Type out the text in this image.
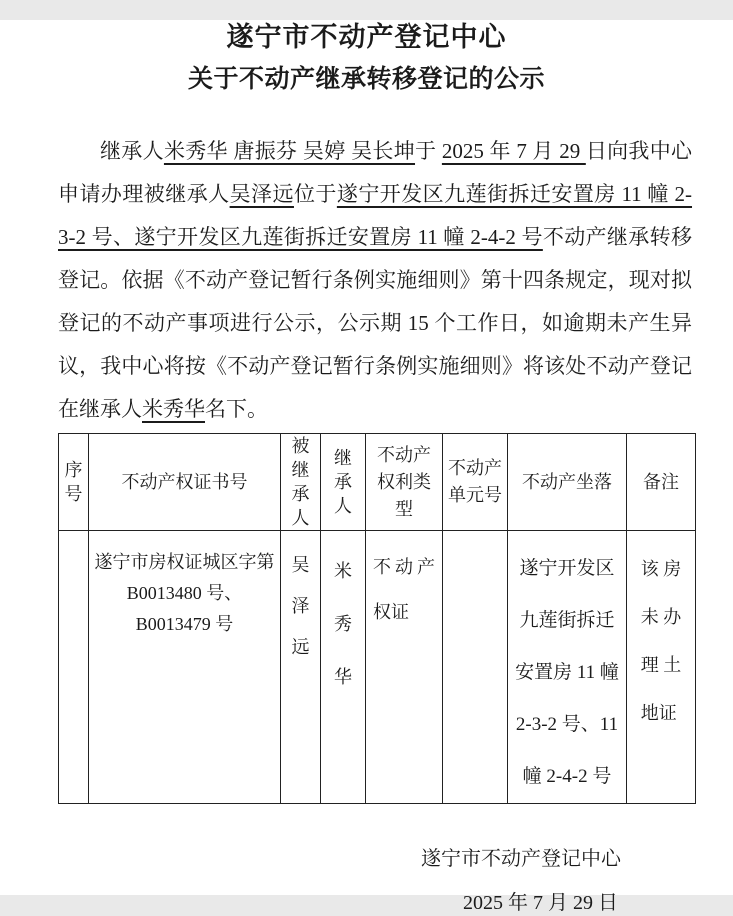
遂宁市不动产登记中心
关于不动产继承转移登记的公示

继承人米秀华 唐振芬 吴婷 吴长坤于 2025 年 7 月 29 日向我中心申请办理被继承人吴泽远位于遂宁开发区九莲街拆迁安置房 11 幢 2-3-2 号、遂宁开发区九莲街拆迁安置房 11 幢 2-4-2 号不动产继承转移登记。依据《不动产登记暂行条例实施细则》第十四条规定，现对拟登记的不动产事项进行公示，公示期 15 个工作日，如逾期未产生异议，我中心将按《不动产登记暂行条例实施细则》将该处不动产登记在继承人米秀华名下。

序号	不动产权证书号	被继承人	继承人	不动产权利类型	不动产单元号	不动产坐落	备注

	遂宁市房权证城区字第 B0013480 号、B0013479 号	吴泽远	米秀华	不动产权证		遂宁开发区 九莲街拆迁 安置房 11 幢 2-3-2 号、11 幢 2-4-2 号	该房未办理土地证
遂宁市不动产登记中心
2025 年 7 月 29 日
